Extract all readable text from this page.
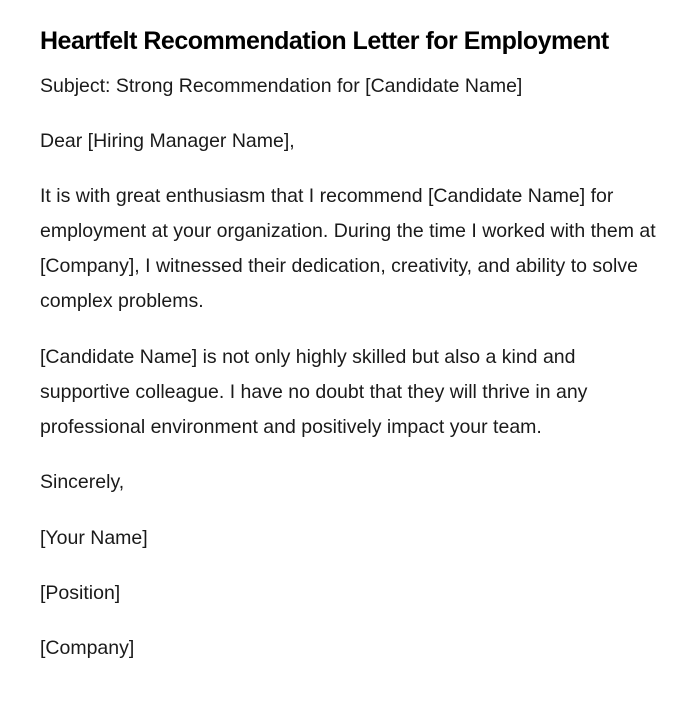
Heartfelt Recommendation Letter for Employment

Subject: Strong Recommendation for [Candidate Name]

Dear [Hiring Manager Name],

It is with great enthusiasm that I recommend [Candidate Name] for employment at your organization. During the time I worked with them at [Company], I witnessed their dedication, creativity, and ability to solve complex problems.

[Candidate Name] is not only highly skilled but also a kind and supportive colleague. I have no doubt that they will thrive in any professional environment and positively impact your team.

Sincerely,

[Your Name]

[Position]

[Company]
